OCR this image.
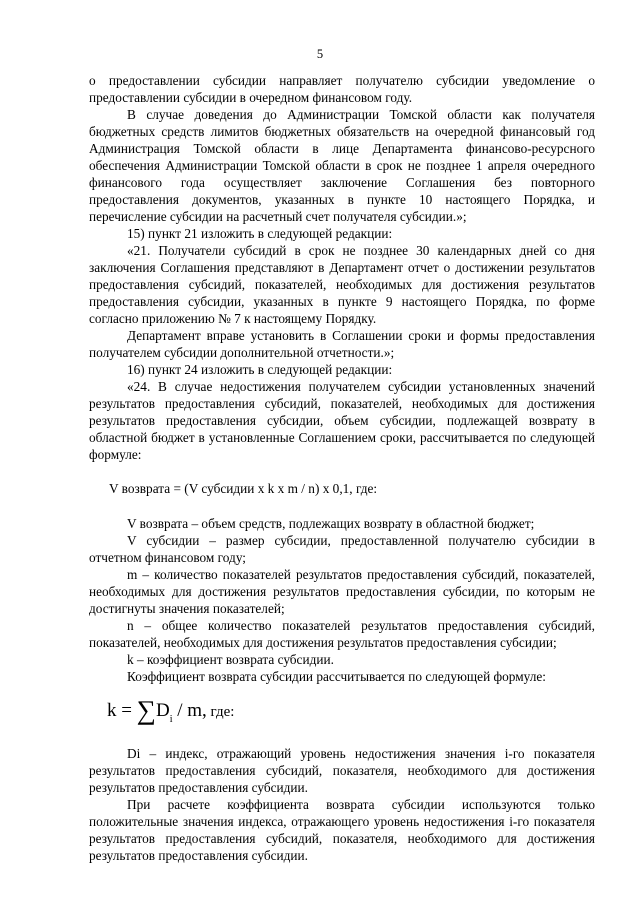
5

о предоставлении субсидии направляет получателю субсидии уведомление о предоставлении субсидии в очередном финансовом году.

В случае доведения до Администрации Томской области как получателя бюджетных средств лимитов бюджетных обязательств на очередной финансовый год Администрация Томской области в лице Департамента финансово-ресурсного обеспечения Администрации Томской области в срок не позднее 1 апреля очередного финансового года осуществляет заключение Соглашения без повторного предоставления документов, указанных в пункте 10 настоящего Порядка, и перечисление субсидии на расчетный счет получателя субсидии.»;

15) пункт 21 изложить в следующей редакции:

«21. Получатели субсидий в срок не позднее 30 календарных дней со дня заключения Соглашения представляют в Департамент отчет о достижении результатов предоставления субсидий, показателей, необходимых для достижения результатов предоставления субсидии, указанных в пункте 9 настоящего Порядка, по форме согласно приложению № 7 к настоящему Порядку.

Департамент вправе установить в Соглашении сроки и формы предоставления получателем субсидии дополнительной отчетности.»;

16) пункт 24 изложить в следующей редакции:

«24. В случае недостижения получателем субсидии установленных значений результатов предоставления субсидий, показателей, необходимых для достижения результатов предоставления субсидии, объем субсидии, подлежащей возврату в областной бюджет в установленные Соглашением сроки, рассчитывается по следующей формуле:

V возврата = (V субсидии х k х m / n) х 0,1, где:

V возврата – объем средств, подлежащих возврату в областной бюджет;

V субсидии – размер субсидии, предоставленной получателю субсидии в отчетном финансовом году;

m – количество показателей результатов предоставления субсидий, показателей, необходимых для достижения результатов предоставления субсидии, по которым не достигнуты значения показателей;

n – общее количество показателей результатов предоставления субсидий, показателей, необходимых для достижения результатов предоставления субсидии;

k – коэффициент возврата субсидии.

Коэффициент возврата субсидии рассчитывается по следующей формуле:

$k = \sum D_i / m$, где:

Di – индекс, отражающий уровень недостижения значения i-го показателя результатов предоставления субсидий, показателя, необходимого для достижения результатов предоставления субсидии.

При расчете коэффициента возврата субсидии используются только положительные значения индекса, отражающего уровень недостижения i-го показателя результатов предоставления субсидий, показателя, необходимого для достижения результатов предоставления субсидии.
